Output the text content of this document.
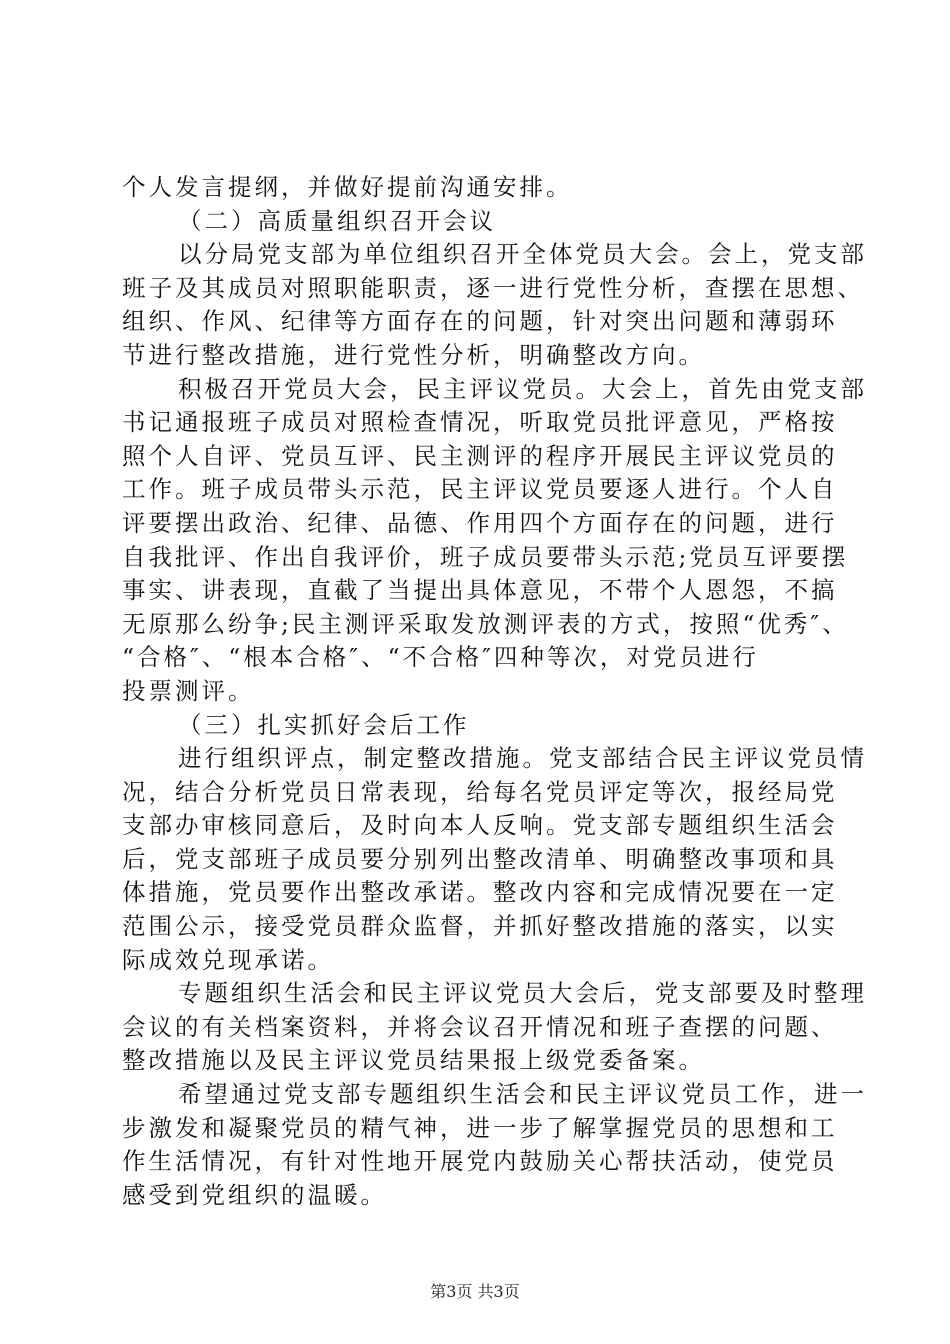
个人发言提纲，并做好提前沟通安排。

（二）高质量组织召开会议

以分局党支部为单位组织召开全体党员大会。会上，党支部

班子及其成员对照职能职责，逐一进行党性分析，查摆在思想、

组织、作风、纪律等方面存在的问题，针对突出问题和薄弱环

节进行整改措施，进行党性分析，明确整改方向。

积极召开党员大会，民主评议党员。大会上，首先由党支部

书记通报班子成员对照检查情况，听取党员批评意见，严格按

照个人自评、党员互评、民主测评的程序开展民主评议党员的

工作。班子成员带头示范，民主评议党员要逐人进行。个人自

评要摆出政治、纪律、品德、作用四个方面存在的问题，进行

自我批评、作出自我评价，班子成员要带头示范;党员互评要摆

事实、讲表现，直截了当提出具体意见，不带个人恩怨，不搞

无原那么纷争;民主测评采取发放测评表的方式，按照“优秀″、

“合格″、“根本合格″、“不合格″四种等次，对党员进行

投票测评。

（三）扎实抓好会后工作

进行组织评点，制定整改措施。党支部结合民主评议党员情

况，结合分析党员日常表现，给每名党员评定等次，报经局党

支部办审核同意后，及时向本人反响。党支部专题组织生活会

后，党支部班子成员要分别列出整改清单、明确整改事项和具

体措施，党员要作出整改承诺。整改内容和完成情况要在一定

范围公示，接受党员群众监督，并抓好整改措施的落实，以实

际成效兑现承诺。

专题组织生活会和民主评议党员大会后，党支部要及时整理

会议的有关档案资料，并将会议召开情况和班子查摆的问题、

整改措施以及民主评议党员结果报上级党委备案。

希望通过党支部专题组织生活会和民主评议党员工作，进一

步激发和凝聚党员的精气神，进一步了解掌握党员的思想和工

作生活情况，有针对性地开展党内鼓励关心帮扶活动，使党员

感受到党组织的温暖。

第3页 共3页
